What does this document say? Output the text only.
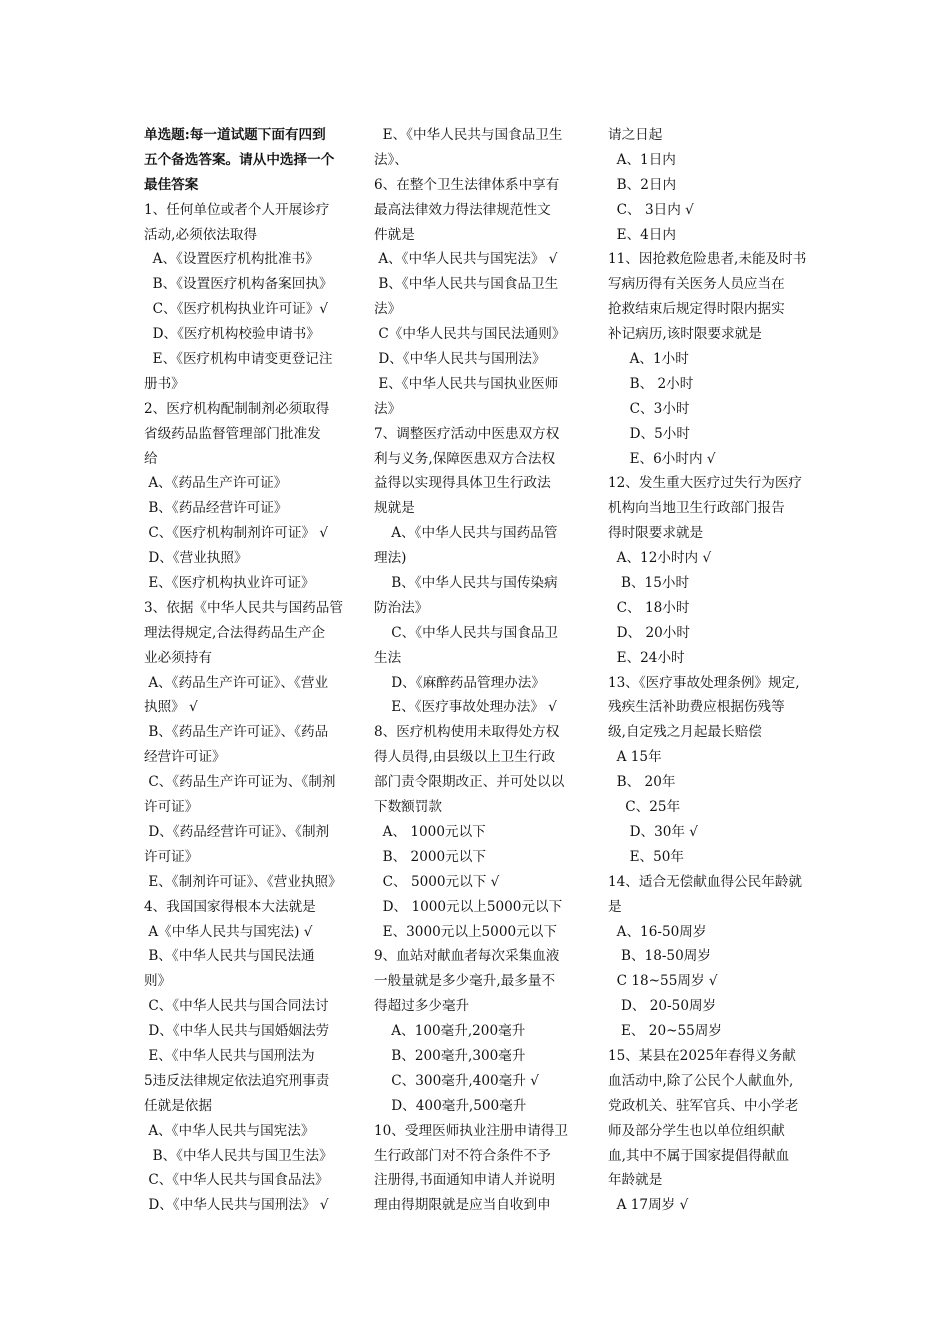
单选题:每一道试题下面有四到
五个备选答案。请从中选择一个
最佳答案
1、任何单位或者个人开展诊疗
活动,必须依法取得
A、《设置医疗机构批准书》
B、《设置医疗机构备案回执》
C、《医疗机构执业许可证》√
D、《医疗机构校验申请书》
E、《医疗机构申请变更登记注
册书》
2、医疗机构配制制剂必须取得
省级药品监督管理部门批准发
给
A、《药品生产许可证》
B、《药品经营许可证》
C、《医疗机构制剂许可证》 √
D、《营业执照》
E、《医疗机构执业许可证》
3、依据《中华人民共与国药品管
理法得规定,合法得药品生产企
业必须持有
A、《药品生产许可证》、《营业
执照》 √
B、《药品生产许可证》、《药品
经营许可证》
C、《药品生产许可证为、《制剂
许可证》
D、《药品经营许可证》、《制剂
许可证》
E、《制剂许可证》、《营业执照》
4、我国国家得根本大法就是
A《中华人民共与国宪法) √
B、《中华人民共与国民法通
则》
C、《中华人民共与国合同法讨
D、《中华人民共与国婚姻法劳
E、《中华人民共与国刑法为
5违反法律规定依法追究刑事责
任就是依据
A、《中华人民共与国宪法》
B、《中华人民共与国卫生法》
C、《中华人民共与国食品法》
D、《中华人民共与国刑法》 √
E、《中华人民共与国食品卫生
法》、
6、在整个卫生法律体系中享有
最高法律效力得法律规范性文
件就是
A、《中华人民共与国宪法》 √
B、《中华人民共与国食品卫生
法》
C《中华人民共与国民法通则》
D、《中华人民共与国刑法》
E、《中华人民共与国执业医师
法》
7、调整医疗活动中医患双方权
利与义务,保障医患双方合法权
益得以实现得具体卫生行政法
规就是
A、《中华人民共与国药品管
理法)
B、《中华人民共与国传染病
防治法》
C、《中华人民共与国食品卫
生法
D、《麻醉药品管理办法》
E、《医疗事故处理办法》 √
8、医疗机构使用未取得处方权
得人员得,由县级以上卫生行政
部门责令限期改正、并可处以以
下数额罚款
A、 1000元以下
B、 2000元以下
C、 5000元以下 √
D、 1000元以上5000元以下
E、3000元以上5000元以下
9、血站对献血者每次采集血液
一般量就是多少毫升,最多量不
得超过多少毫升
A、100毫升,200毫升
B、200毫升,300毫升
C、300毫升,400毫升 √
D、400毫升,500毫升
10、受理医师执业注册申请得卫
生行政部门对不符合条件不予
注册得,书面通知申请人并说明
理由得期限就是应当自收到申
请之日起
A、1日内
B、2日内
C、 3日内 √
E、4日内
11、因抢救危险患者,未能及时书
写病历得有关医务人员应当在
抢救结束后规定得时限内据实
补记病历,该时限要求就是
A、1小时
B、 2小时
C、3小时
D、5小时
E、6小时内 √
12、发生重大医疗过失行为医疗
机构向当地卫生行政部门报告
得时限要求就是
A、12小时内 √
B、15小时
C、 18小时
D、 20小时
E、24小时
13、《医疗事故处理条例》规定,
残疾生活补助费应根据伤残等
级,自定残之月起最长赔偿
A 15年
B、 20年
C、25年
D、30年 √
E、50年
14、适合无偿献血得公民年龄就
是
A、16-50周岁
B、18-50周岁
C 18~55周岁 √
D、 20-50周岁
E、 20~55周岁
15、某县在2025年春得义务献
血活动中,除了公民个人献血外,
党政机关、驻军官兵、中小学老
师及部分学生也以单位组织献
血,其中不属于国家提倡得献血
年龄就是
A 17周岁 √
